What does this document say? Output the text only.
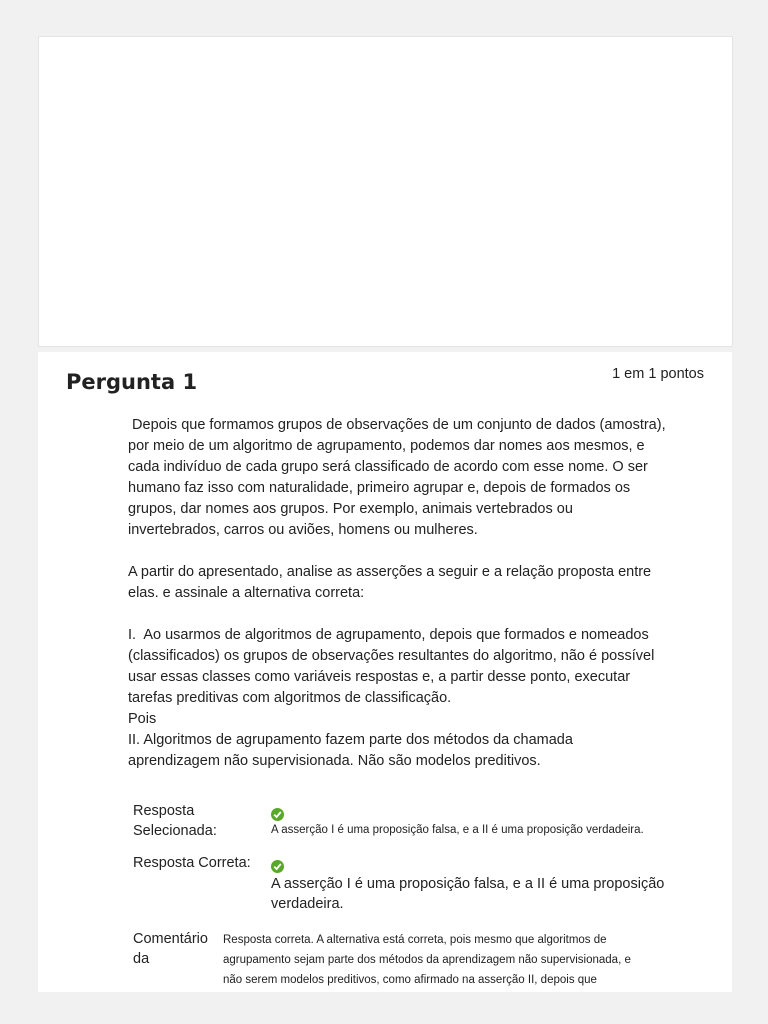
Pergunta 1	1 em 1 pontos

Depois que formamos grupos de observações de um conjunto de dados (amostra),
por meio de um algoritmo de agrupamento, podemos dar nomes aos mesmos, e
cada indivíduo de cada grupo será classificado de acordo com esse nome. O ser
humano faz isso com naturalidade, primeiro agrupar e, depois de formados os
grupos, dar nomes aos grupos. Por exemplo, animais vertebrados ou
invertebrados, carros ou aviões, homens ou mulheres.

A partir do apresentado, analise as asserções a seguir e a relação proposta entre
elas. e assinale a alternativa correta:

I.  Ao usarmos de algoritmos de agrupamento, depois que formados e nomeados
(classificados) os grupos de observações resultantes do algoritmo, não é possível
usar essas classes como variáveis respostas e, a partir desse ponto, executar
tarefas preditivas com algoritmos de classificação.

Pois

II. Algoritmos de agrupamento fazem parte dos métodos da chamada
aprendizagem não supervisionada. Não são modelos preditivos.

Resposta
Selecionada:	A asserção I é uma proposição falsa, e a II é uma proposição verdadeira.
Resposta Correta:
A asserção I é uma proposição falsa, e a II é uma proposição
verdadeira.
Comentário
da
Resposta correta. A alternativa está correta, pois mesmo que algoritmos de
agrupamento sejam parte dos métodos da aprendizagem não supervisionada, e
não serem modelos preditivos, como afirmado na asserção II, depois que
